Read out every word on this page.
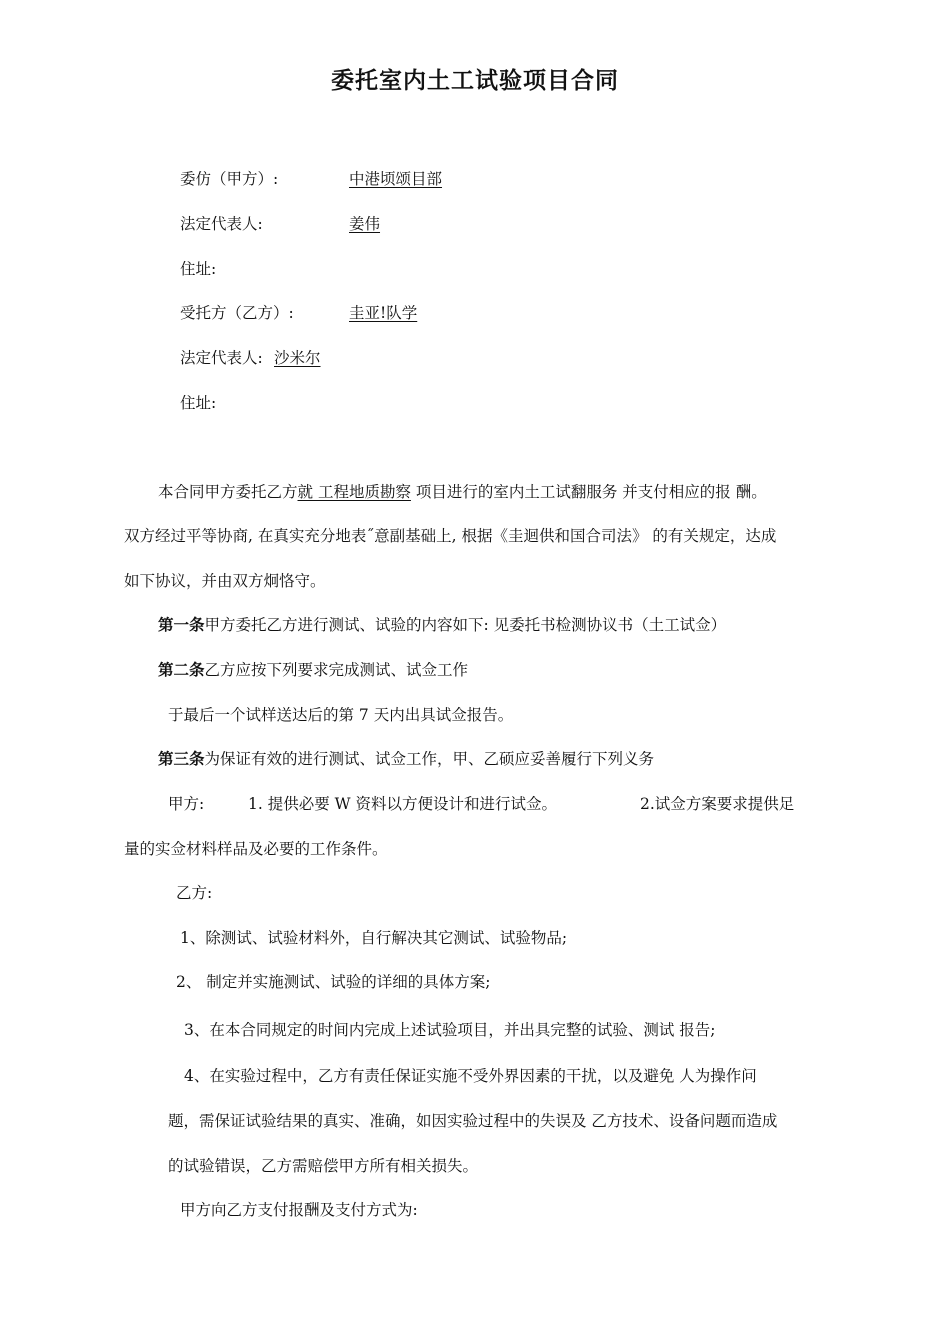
委托室内土工试验项目合同
委仿（甲方）:	中港顷颂目部
法定代表人:	姜伟
住址:
受托方（乙方）:	圭亚!队学
法定代表人: 沙米尔
住址:
本合同甲方委托乙方就 工程地质勘察 项目进行的室内土工试翻服务 并支付相应的报 酬。
双方经过平等协商, 在真实充分地表˝意副基础上, 根据《圭迴供和国合司法》 的有关规定，达成
如下协议，并由双方炯恪守。
第一条甲方委托乙方进行测试、试验的内容如下: 见委托书检测协议书（土工试佥）
第二条乙方应按下列要求完成测试、试佥工作
于最后一个试样送达后的第 7 天内出具试佥报告。
第三条为保证有效的进行测试、试佥工作，甲、乙硕应妥善履行下列义务
甲方:	1. 提供必要 W 资料以方便设计和进行试佥。	2.试佥方案要求提供足
量的实佥材料样品及必要的工作条件。
乙方:
1、除测试、试验材料外，自行解决其它测试、试验物品;
2、 制定并实施测试、试验的详细的具体方案;
3、在本合同规定的时间内完成上述试验项目，并出具完整的试验、测试 报告;
4、在实验过程中，乙方有责任保证实施不受外界因素的干扰，以及避免 人为操作问
题，需保证试验结果的真实、准确，如因实验过程中的失误及 乙方技术、设备问题而造成
的试验错误，乙方需赔偿甲方所有相关损失。
甲方向乙方支付报酬及支付方式为:
